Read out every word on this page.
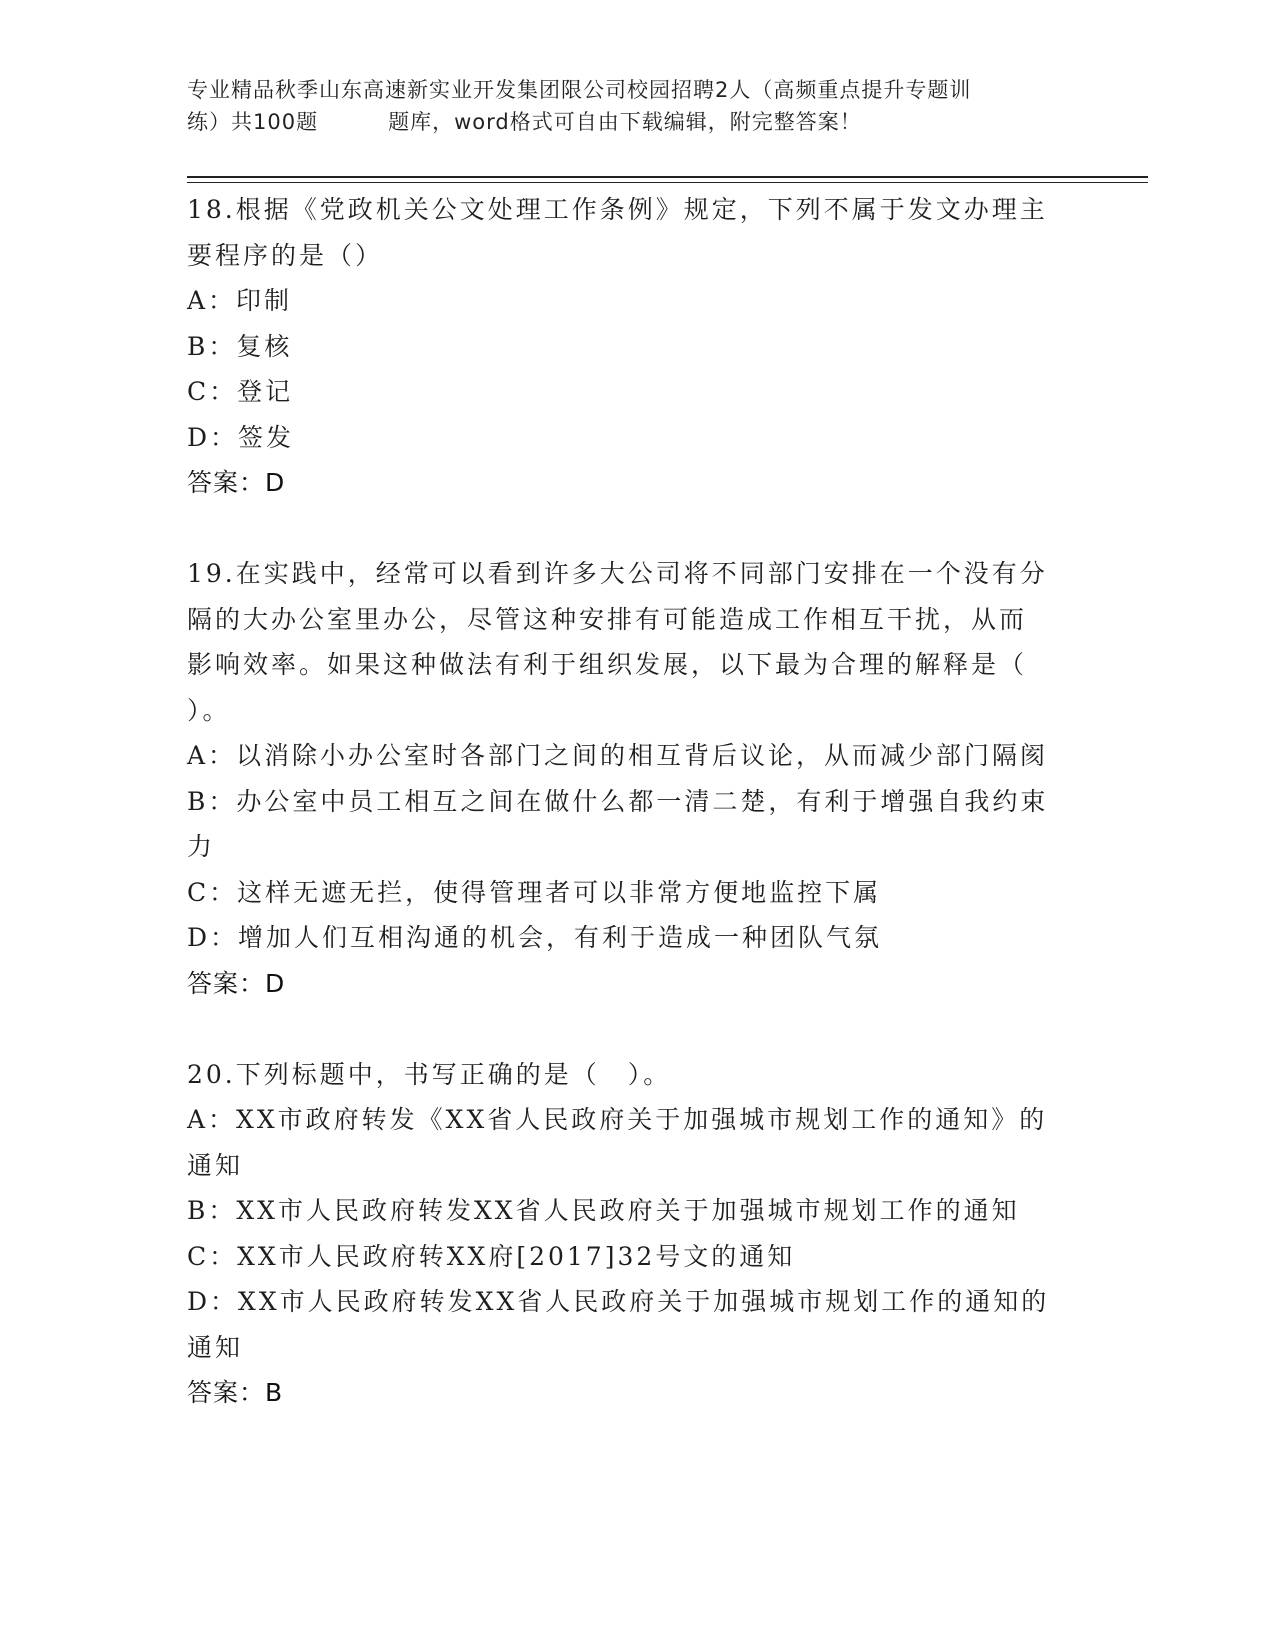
专业精品秋季山东高速新实业开发集团限公司校园招聘2人（高频重点提升专题训
练）共100题	题库，word格式可自由下载编辑，附完整答案！
18.根据《党政机关公文处理工作条例》规定，下列不属于发文办理主
要程序的是（）
A：印制
B：复核
C：登记
D：签发
答案：D
19.在实践中，经常可以看到许多大公司将不同部门安排在一个没有分
隔的大办公室里办公，尽管这种安排有可能造成工作相互干扰，从而
影响效率。如果这种做法有利于组织发展，以下最为合理的解释是（
）。
A：以消除小办公室时各部门之间的相互背后议论，从而减少部门隔阂
B：办公室中员工相互之间在做什么都一清二楚，有利于增强自我约束
力
C：这样无遮无拦，使得管理者可以非常方便地监控下属
D：增加人们互相沟通的机会，有利于造成一种团队气氛
答案：D
20.下列标题中，书写正确的是（　）。
A：XX市政府转发《XX省人民政府关于加强城市规划工作的通知》的
通知
B：XX市人民政府转发XX省人民政府关于加强城市规划工作的通知
C：XX市人民政府转XX府[2017]32号文的通知
D：XX市人民政府转发XX省人民政府关于加强城市规划工作的通知的
通知
答案：B
